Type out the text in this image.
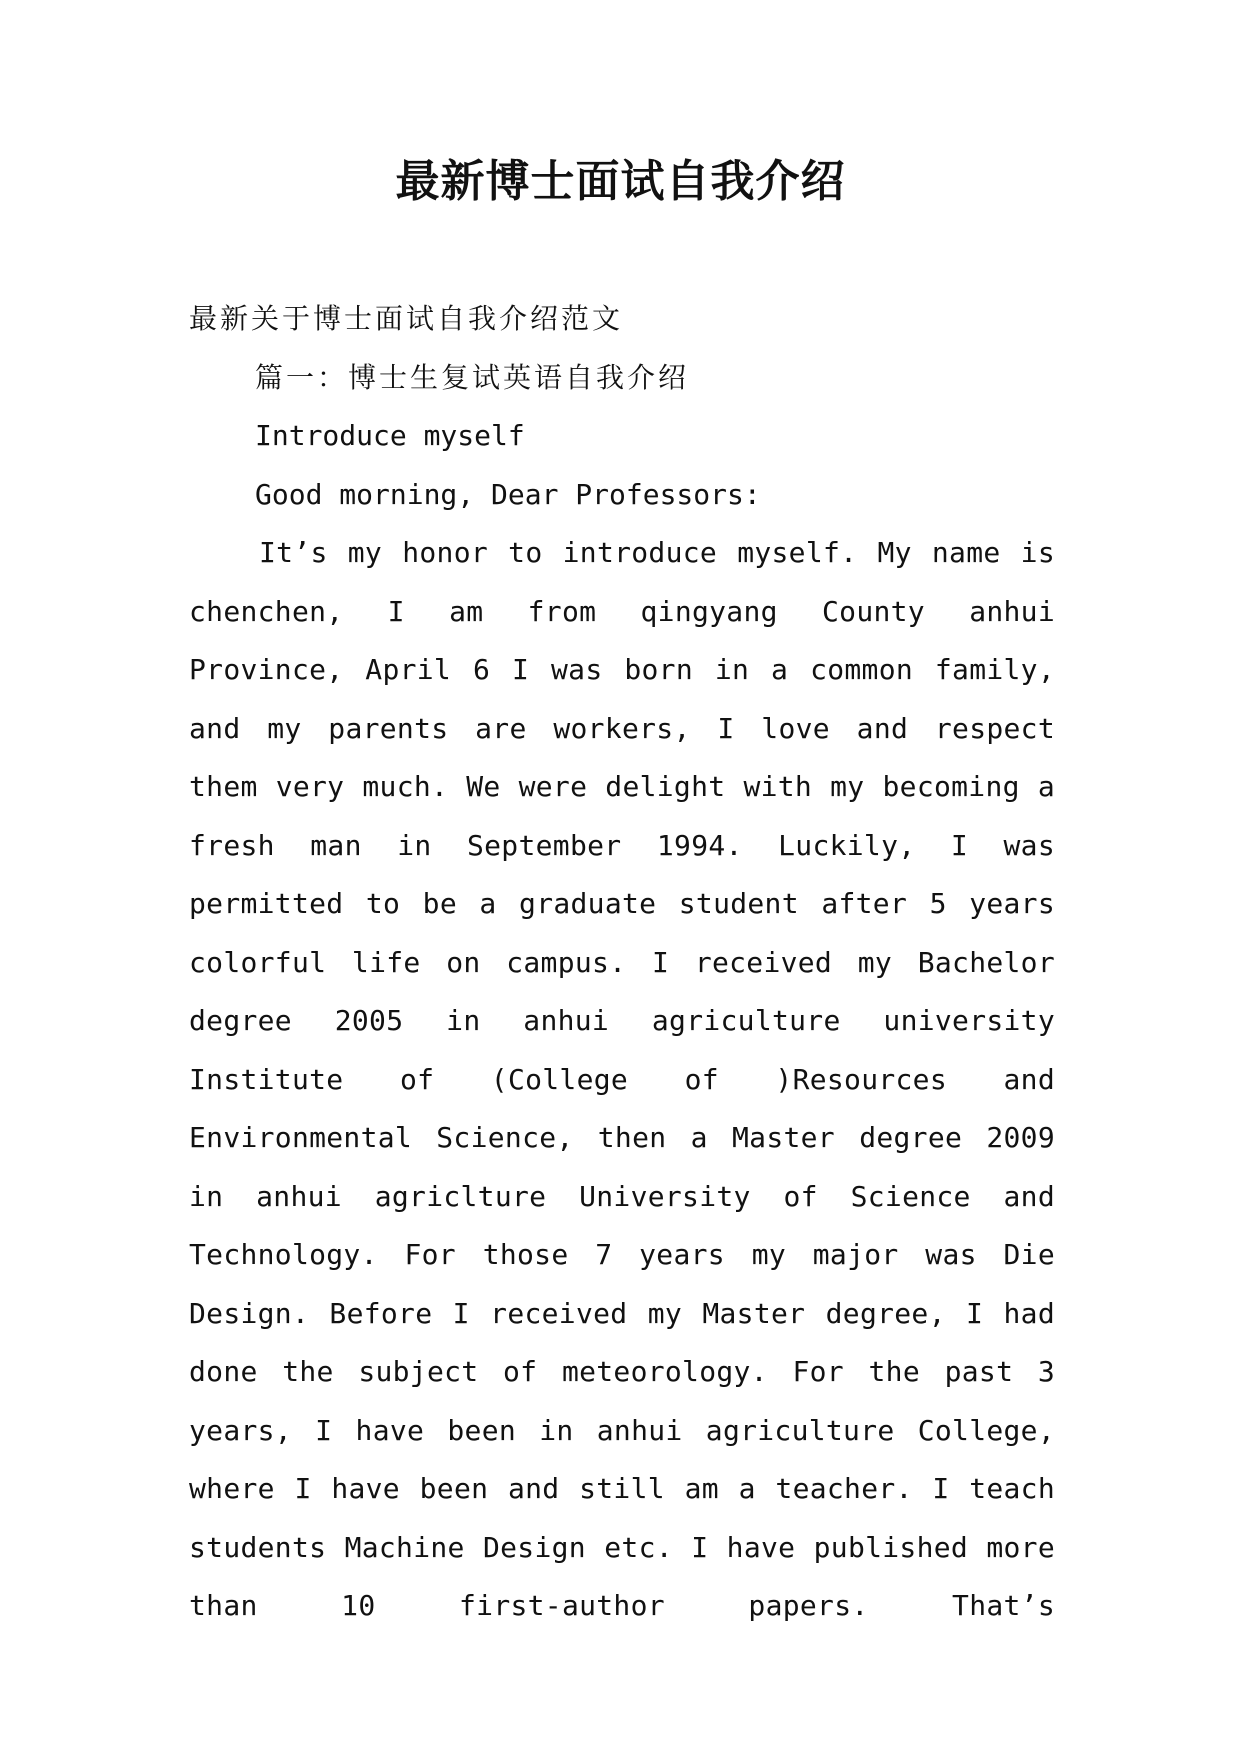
最新博士面试自我介绍
最新关于博士面试自我介绍范文
篇一：博士生复试英语自我介绍
Introduce myself
Good morning, Dear Professors:

It’s my honor to introduce myself. My name is chenchen, I am from qingyang County anhui Province, April 6 I was born in a common family, and my parents are workers, I love and respect them very much. We were delight with my becoming a fresh man in September 1994. Luckily, I was permitted to be a graduate student after 5 years colorful life on campus. I received my Bachelor degree 2005 in anhui agriculture university Institute of (College of )Resources and Environmental Science, then a Master degree 2009 in anhui agriclture University of Science and Technology. For those 7 years my major was Die Design. Before I received my Master degree, I had done the subject of meteorology. For the past 3 years, I have been in anhui agriculture College, where I have been and still am a teacher. I teach students Machine Design etc. I have published more than 10 first-author papers. That’s
